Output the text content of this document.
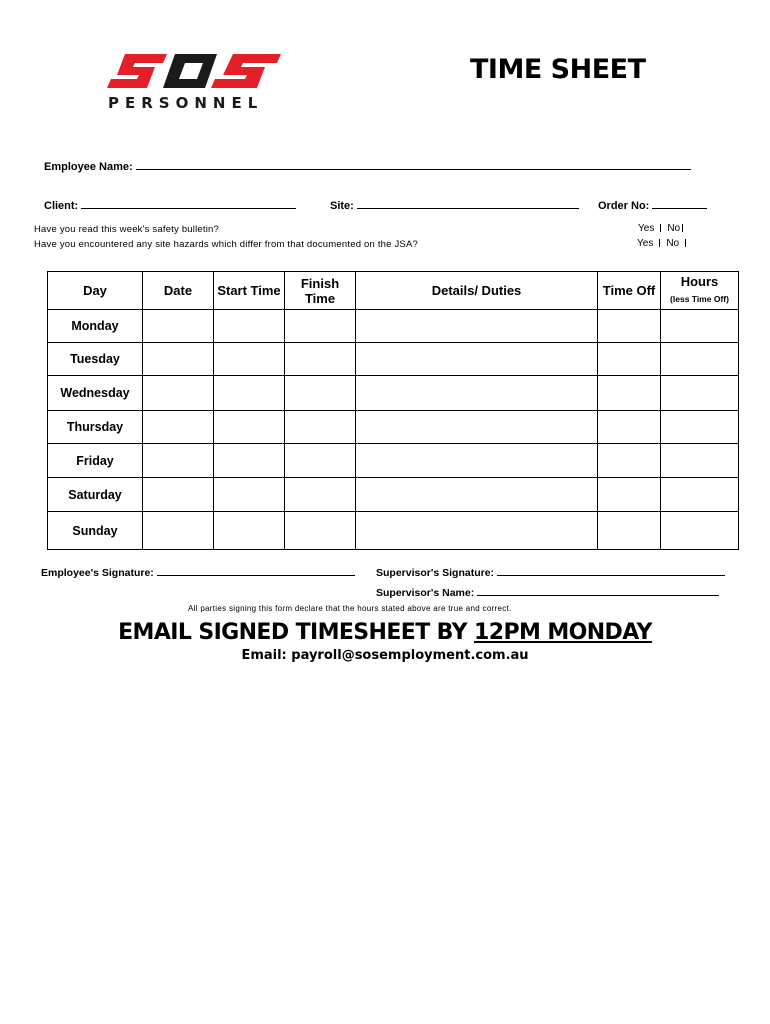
PERSONNEL
TIME SHEET
Employee Name:
Client:	Site:	Order No:
Have you read this week's safety bulletin?
Have you encountered any site hazards which differ from that documented on the JSA?
Yes No
Yes No
Day	Date	Start Time	Finish Time	Details/ Duties	Time Off	Hours
(less Time Off)

Monday						
Tuesday						
Wednesday						
Thursday						
Friday						
Saturday						
Sunday						
Employee's Signature:	Supervisor's Signature:
Supervisor's Name:
All parties signing this form declare that the hours stated above are true and correct.
EMAIL SIGNED TIMESHEET BY 12PM MONDAY
Email: payroll@sosemployment.com.au
